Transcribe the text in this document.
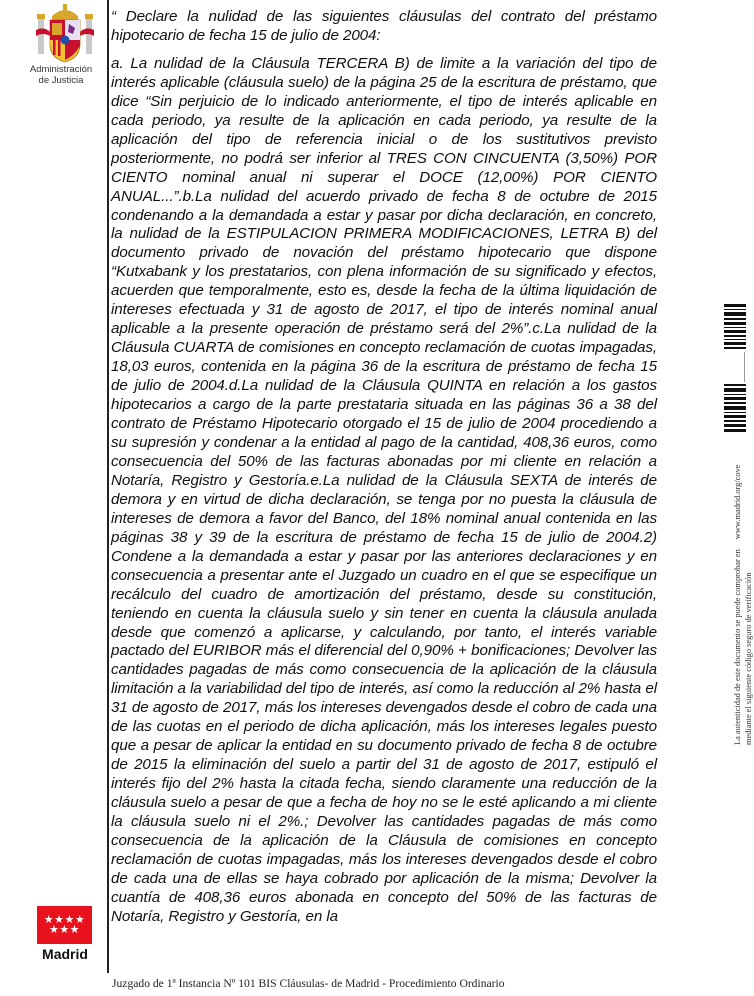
Administración
de Justicia

“ Declare la nulidad de las siguientes cláusulas del contrato del préstamo hipotecario de fecha 15 de julio de 2004:

a. La nulidad de la Cláusula TERCERA B) de limite a la variación del tipo de interés aplicable (cláusula suelo) de la página 25 de la escritura de préstamo, que dice “Sin perjuicio de lo indicado anteriormente, el tipo de interés aplicable en cada periodo, ya resulte de la aplicación en cada periodo, ya resulte de la aplicación del tipo de referencia inicial o de los sustitutivos previsto posteriormente, no podrá ser inferior al TRES CON CINCUENTA (3,50%) POR CIENTO nominal anual ni superar el DOCE (12,00%) POR CIENTO ANUAL...”.b.La nulidad del acuerdo privado de fecha 8 de octubre de 2015 condenando a la demandada a estar y pasar por dicha declaración, en concreto, la nulidad de la ESTIPULACION PRIMERA MODIFICACIONES, LETRA B) del documento privado de novación del préstamo hipotecario que dispone “Kutxabank y los prestatarios, con plena información de su significado y efectos, acuerden que temporalmente, esto es, desde la fecha de la última liquidación de intereses efectuada y 31 de agosto de 2017, el tipo de interés nominal anual aplicable a la presente operación de préstamo será del 2%”.c.La nulidad de la Cláusula CUARTA de comisiones en concepto reclamación de cuotas impagadas, 18,03 euros, contenida en la página 36 de la escritura de préstamo de fecha 15 de julio de 2004.d.La nulidad de la Cláusula QUINTA en relación a los gastos hipotecarios a cargo de la parte prestataria situada en las páginas 36 a 38 del contrato de Préstamo Hipotecario otorgado el 15 de julio de 2004 procediendo a su supresión y condenar a la entidad al pago de la cantidad, 408,36 euros, como consecuencia del 50% de las facturas abonadas por mi cliente en relación a Notaría, Registro y Gestoría.e.La nulidad de la Cláusula SEXTA de interés de demora y en virtud de dicha declaración, se tenga por no puesta la cláusula de intereses de demora a favor del Banco, del 18% nominal anual contenida en las páginas 38 y 39 de la escritura de préstamo de fecha 15 de julio de 2004.2) Condene a la demandada a estar y pasar por las anteriores declaraciones y en consecuencia a presentar ante el Juzgado un cuadro en el que se especifique un recálculo del cuadro de amortización del préstamo, desde su constitución, teniendo en cuenta la cláusula suelo y sin tener en cuenta la cláusula anulada desde que comenzó a aplicarse, y calculando, por tanto, el interés variable pactado del EURIBOR más el diferencial del 0,90% + bonificaciones; Devolver las cantidades pagadas de más como consecuencia de la aplicación de la cláusula limitación a la variabilidad del tipo de interés, así como la reducción al 2% hasta el 31 de agosto de 2017, más los intereses devengados desde el cobro de cada una de las cuotas en el periodo de dicha aplicación, más los intereses legales puesto que a pesar de aplicar la entidad en su documento privado de fecha 8 de octubre de 2015 la eliminación del suelo a partir del 31 de agosto de 2017, estipuló el interés fijo del 2% hasta la citada fecha, siendo claramente una reducción de la cláusula suelo a pesar de que a fecha de hoy no se le esté aplicando a mi cliente la cláusula suelo ni el 2%.; Devolver las cantidades pagadas de más como consecuencia de la aplicación de la Cláusula de comisiones en concepto reclamación de cuotas impagadas, más los intereses devengados desde el cobro de cada una de ellas se haya cobrado por aplicación de la misma; Devolver la cuantía de 408,36 euros abonada en concepto del 50% de las facturas de Notaría, Registro y Gestoría, en la

La autenticidad de este documento se puede comprobar en
www.madrid.org/cove
mediante el siguiente código seguro de verificación
★★★★
★★★
Madrid
Juzgado de 1ª Instancia Nº 101 BIS Cláusulas- de Madrid - Procedimiento Ordinario
